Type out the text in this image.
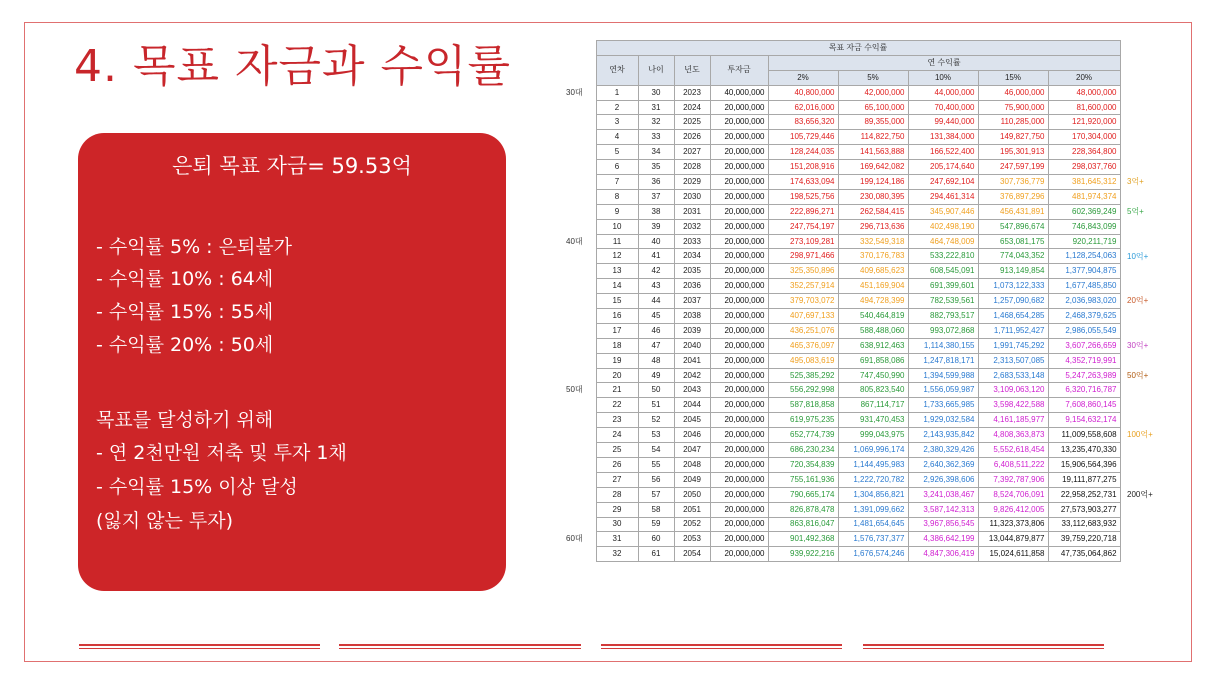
4. 목표 자금과 수익률
은퇴 목표 자금= 59.53억
- 수익률 5% : 은퇴불가
- 수익률 10% : 64세
- 수익률 15% : 55세
- 수익률 20% : 50세
목표를 달성하기 위해
- 연 2천만원 저축 및 투자 1채
- 수익률 15% 이상 달성
(잃지 않는 투자)
	목표 자금 수익률								
	연차	나이	년도	투자금	연 수익률				
					2%	5%	10%	15%	20%
30대	1	30	2023	40,000,000	40,800,000	42,000,000	44,000,000	46,000,000	48,000,000
	2	31	2024	20,000,000	62,016,000	65,100,000	70,400,000	75,900,000	81,600,000
	3	32	2025	20,000,000	83,656,320	89,355,000	99,440,000	110,285,000	121,920,000
	4	33	2026	20,000,000	105,729,446	114,822,750	131,384,000	149,827,750	170,304,000
	5	34	2027	20,000,000	128,244,035	141,563,888	166,522,400	195,301,913	228,364,800
	6	35	2028	20,000,000	151,208,916	169,642,082	205,174,640	247,597,199	298,037,760
	7	36	2029	20,000,000	174,633,094	199,124,186	247,692,104	307,736,779	381,645,312
	8	37	2030	20,000,000	198,525,756	230,080,395	294,461,314	376,897,296	481,974,374
	9	38	2031	20,000,000	222,896,271	262,584,415	345,907,446	456,431,891	602,369,249
	10	39	2032	20,000,000	247,754,197	296,713,636	402,498,190	547,896,674	746,843,099
40대	11	40	2033	20,000,000	273,109,281	332,549,318	464,748,009	653,081,175	920,211,719
	12	41	2034	20,000,000	298,971,466	370,176,783	533,222,810	774,043,352	1,128,254,063
	13	42	2035	20,000,000	325,350,896	409,685,623	608,545,091	913,149,854	1,377,904,875
	14	43	2036	20,000,000	352,257,914	451,169,904	691,399,601	1,073,122,333	1,677,485,850
	15	44	2037	20,000,000	379,703,072	494,728,399	782,539,561	1,257,090,682	2,036,983,020
	16	45	2038	20,000,000	407,697,133	540,464,819	882,793,517	1,468,654,285	2,468,379,625
	17	46	2039	20,000,000	436,251,076	588,488,060	993,072,868	1,711,952,427	2,986,055,549
	18	47	2040	20,000,000	465,376,097	638,912,463	1,114,380,155	1,991,745,292	3,607,266,659
	19	48	2041	20,000,000	495,083,619	691,858,086	1,247,818,171	2,313,507,085	4,352,719,991
	20	49	2042	20,000,000	525,385,292	747,450,990	1,394,599,988	2,683,533,148	5,247,263,989
50대	21	50	2043	20,000,000	556,292,998	805,823,540	1,556,059,987	3,109,063,120	6,320,716,787
	22	51	2044	20,000,000	587,818,858	867,114,717	1,733,665,985	3,598,422,588	7,608,860,145
	23	52	2045	20,000,000	619,975,235	931,470,453	1,929,032,584	4,161,185,977	9,154,632,174
	24	53	2046	20,000,000	652,774,739	999,043,975	2,143,935,842	4,808,363,873	11,009,558,608
	25	54	2047	20,000,000	686,230,234	1,069,996,174	2,380,329,426	5,552,618,454	13,235,470,330
	26	55	2048	20,000,000	720,354,839	1,144,495,983	2,640,362,369	6,408,511,222	15,906,564,396
	27	56	2049	20,000,000	755,161,936	1,222,720,782	2,926,398,606	7,392,787,906	19,111,877,275
	28	57	2050	20,000,000	790,665,174	1,304,856,821	3,241,038,467	8,524,706,091	22,958,252,731
	29	58	2051	20,000,000	826,878,478	1,391,099,662	3,587,142,313	9,826,412,005	27,573,903,277
	30	59	2052	20,000,000	863,816,047	1,481,654,645	3,967,856,545	11,323,373,806	33,112,683,932
60대	31	60	2053	20,000,000	901,492,368	1,576,737,377	4,386,642,199	13,044,879,877	39,759,220,718
	32	61	2054	20,000,000	939,922,216	1,676,574,246	4,847,306,419	15,024,611,858	47,735,064,862
3억+
5억+
10억+
20억+
30억+
50억+
100억+
200억+
